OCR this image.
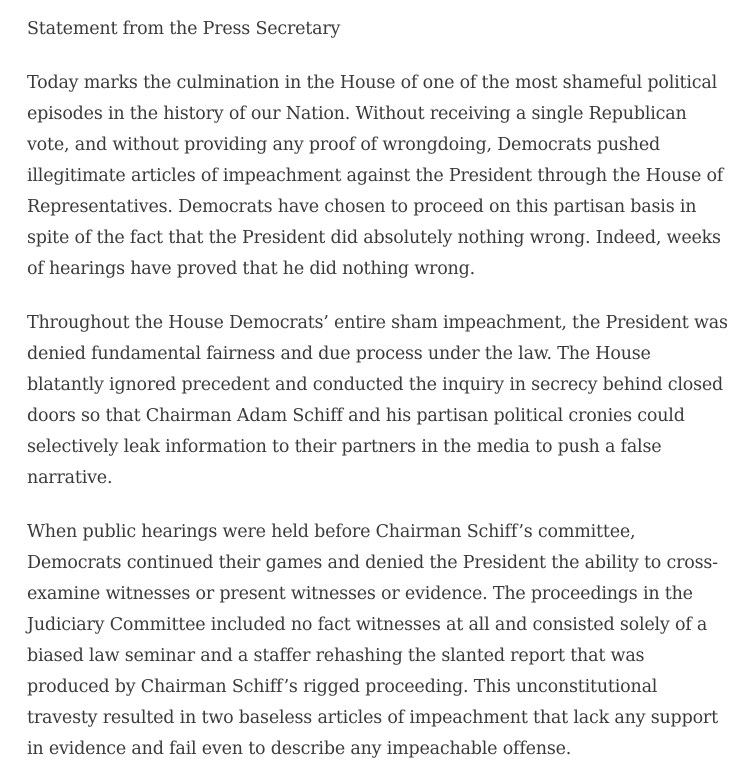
Statement from the Press Secretary

Today marks the culmination in the House of one of the most shameful political episodes in the history of our Nation. Without receiving a single Republican vote, and without providing any proof of wrongdoing, Democrats pushed illegitimate articles of impeachment against the President through the House of Representatives. Democrats have chosen to proceed on this partisan basis in spite of the fact that the President did absolutely nothing wrong. Indeed, weeks of hearings have proved that he did nothing wrong.

Throughout the House Democrats’ entire sham impeachment, the President was denied fundamental fairness and due process under the law. The House blatantly ignored precedent and conducted the inquiry in secrecy behind closed doors so that Chairman Adam Schiff and his partisan political cronies could selectively leak information to their partners in the media to push a false narrative.

When public hearings were held before Chairman Schiff’s committee, Democrats continued their games and denied the President the ability to cross-examine witnesses or present witnesses or evidence. The proceedings in the Judiciary Committee included no fact witnesses at all and consisted solely of a biased law seminar and a staffer rehashing the slanted report that was produced by Chairman Schiff’s rigged proceeding. This unconstitutional travesty resulted in two baseless articles of impeachment that lack any support in evidence and fail even to describe any impeachable offense.
